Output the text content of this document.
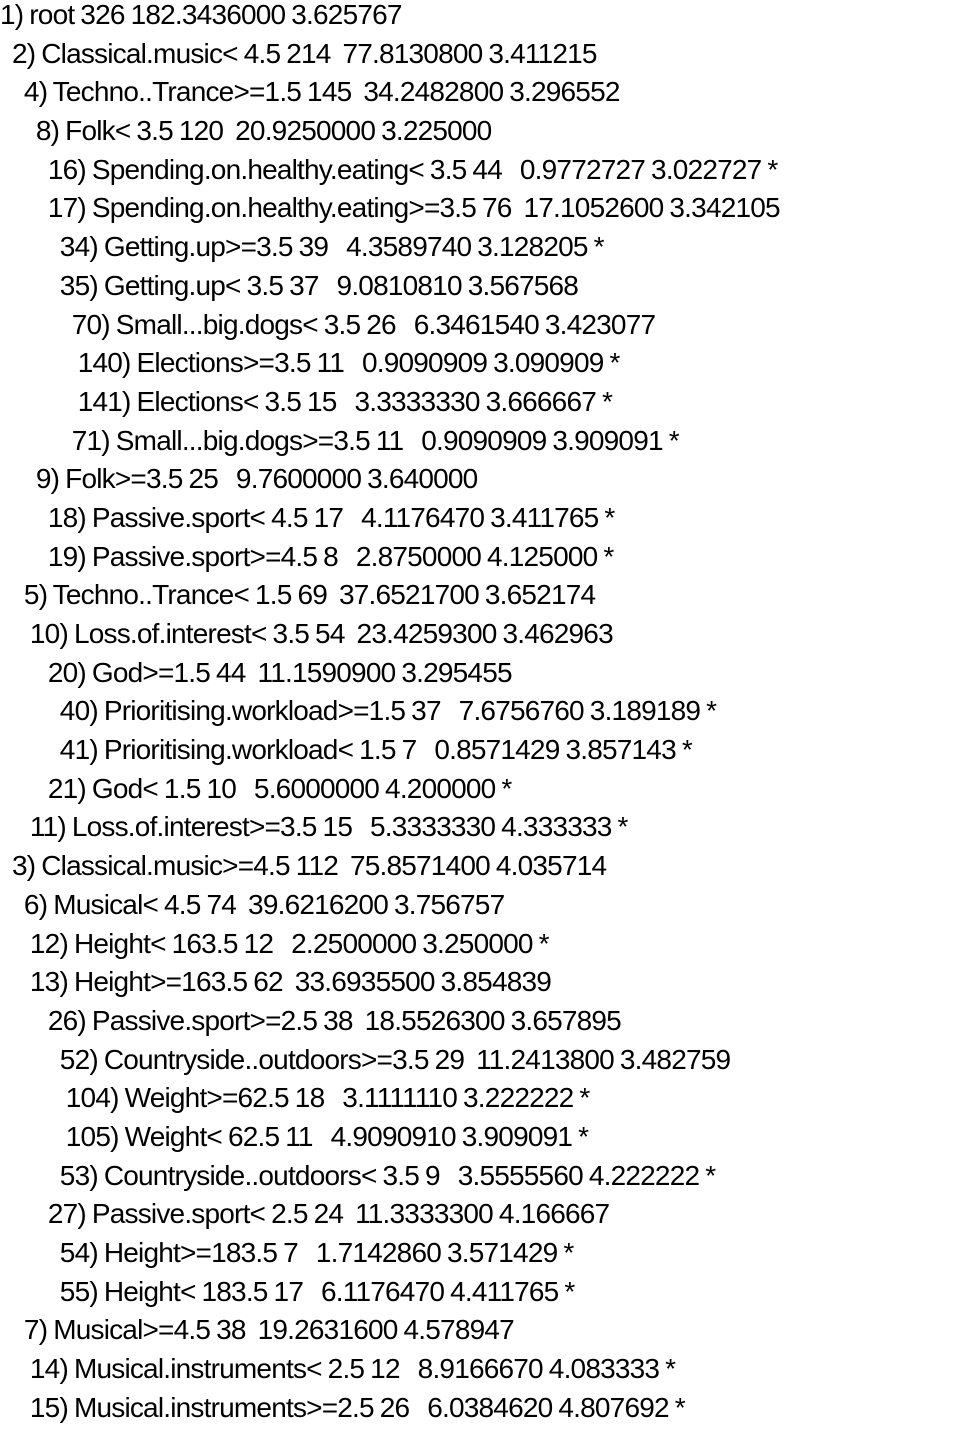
1) root 326 182.3436000 3.625767
2) Classical.music< 4.5 214  77.8130800 3.411215
4) Techno..Trance>=1.5 145  34.2482800 3.296552
8) Folk< 3.5 120  20.9250000 3.225000
16) Spending.on.healthy.eating< 3.5 44   0.9772727 3.022727 *
17) Spending.on.healthy.eating>=3.5 76  17.1052600 3.342105
34) Getting.up>=3.5 39   4.3589740 3.128205 *
35) Getting.up< 3.5 37   9.0810810 3.567568
70) Small...big.dogs< 3.5 26   6.3461540 3.423077
140) Elections>=3.5 11   0.9090909 3.090909 *
141) Elections< 3.5 15   3.3333330 3.666667 *
71) Small...big.dogs>=3.5 11   0.9090909 3.909091 *
9) Folk>=3.5 25   9.7600000 3.640000
18) Passive.sport< 4.5 17   4.1176470 3.411765 *
19) Passive.sport>=4.5 8   2.8750000 4.125000 *
5) Techno..Trance< 1.5 69  37.6521700 3.652174
10) Loss.of.interest< 3.5 54  23.4259300 3.462963
20) God>=1.5 44  11.1590900 3.295455
40) Prioritising.workload>=1.5 37   7.6756760 3.189189 *
41) Prioritising.workload< 1.5 7   0.8571429 3.857143 *
21) God< 1.5 10   5.6000000 4.200000 *
11) Loss.of.interest>=3.5 15   5.3333330 4.333333 *
3) Classical.music>=4.5 112  75.8571400 4.035714
6) Musical< 4.5 74  39.6216200 3.756757
12) Height< 163.5 12   2.2500000 3.250000 *
13) Height>=163.5 62  33.6935500 3.854839
26) Passive.sport>=2.5 38  18.5526300 3.657895
52) Countryside..outdoors>=3.5 29  11.2413800 3.482759
104) Weight>=62.5 18   3.1111110 3.222222 *
105) Weight< 62.5 11   4.9090910 3.909091 *
53) Countryside..outdoors< 3.5 9   3.5555560 4.222222 *
27) Passive.sport< 2.5 24  11.3333300 4.166667
54) Height>=183.5 7   1.7142860 3.571429 *
55) Height< 183.5 17   6.1176470 4.411765 *
7) Musical>=4.5 38  19.2631600 4.578947
14) Musical.instruments< 2.5 12   8.9166670 4.083333 *
15) Musical.instruments>=2.5 26   6.0384620 4.807692 *
